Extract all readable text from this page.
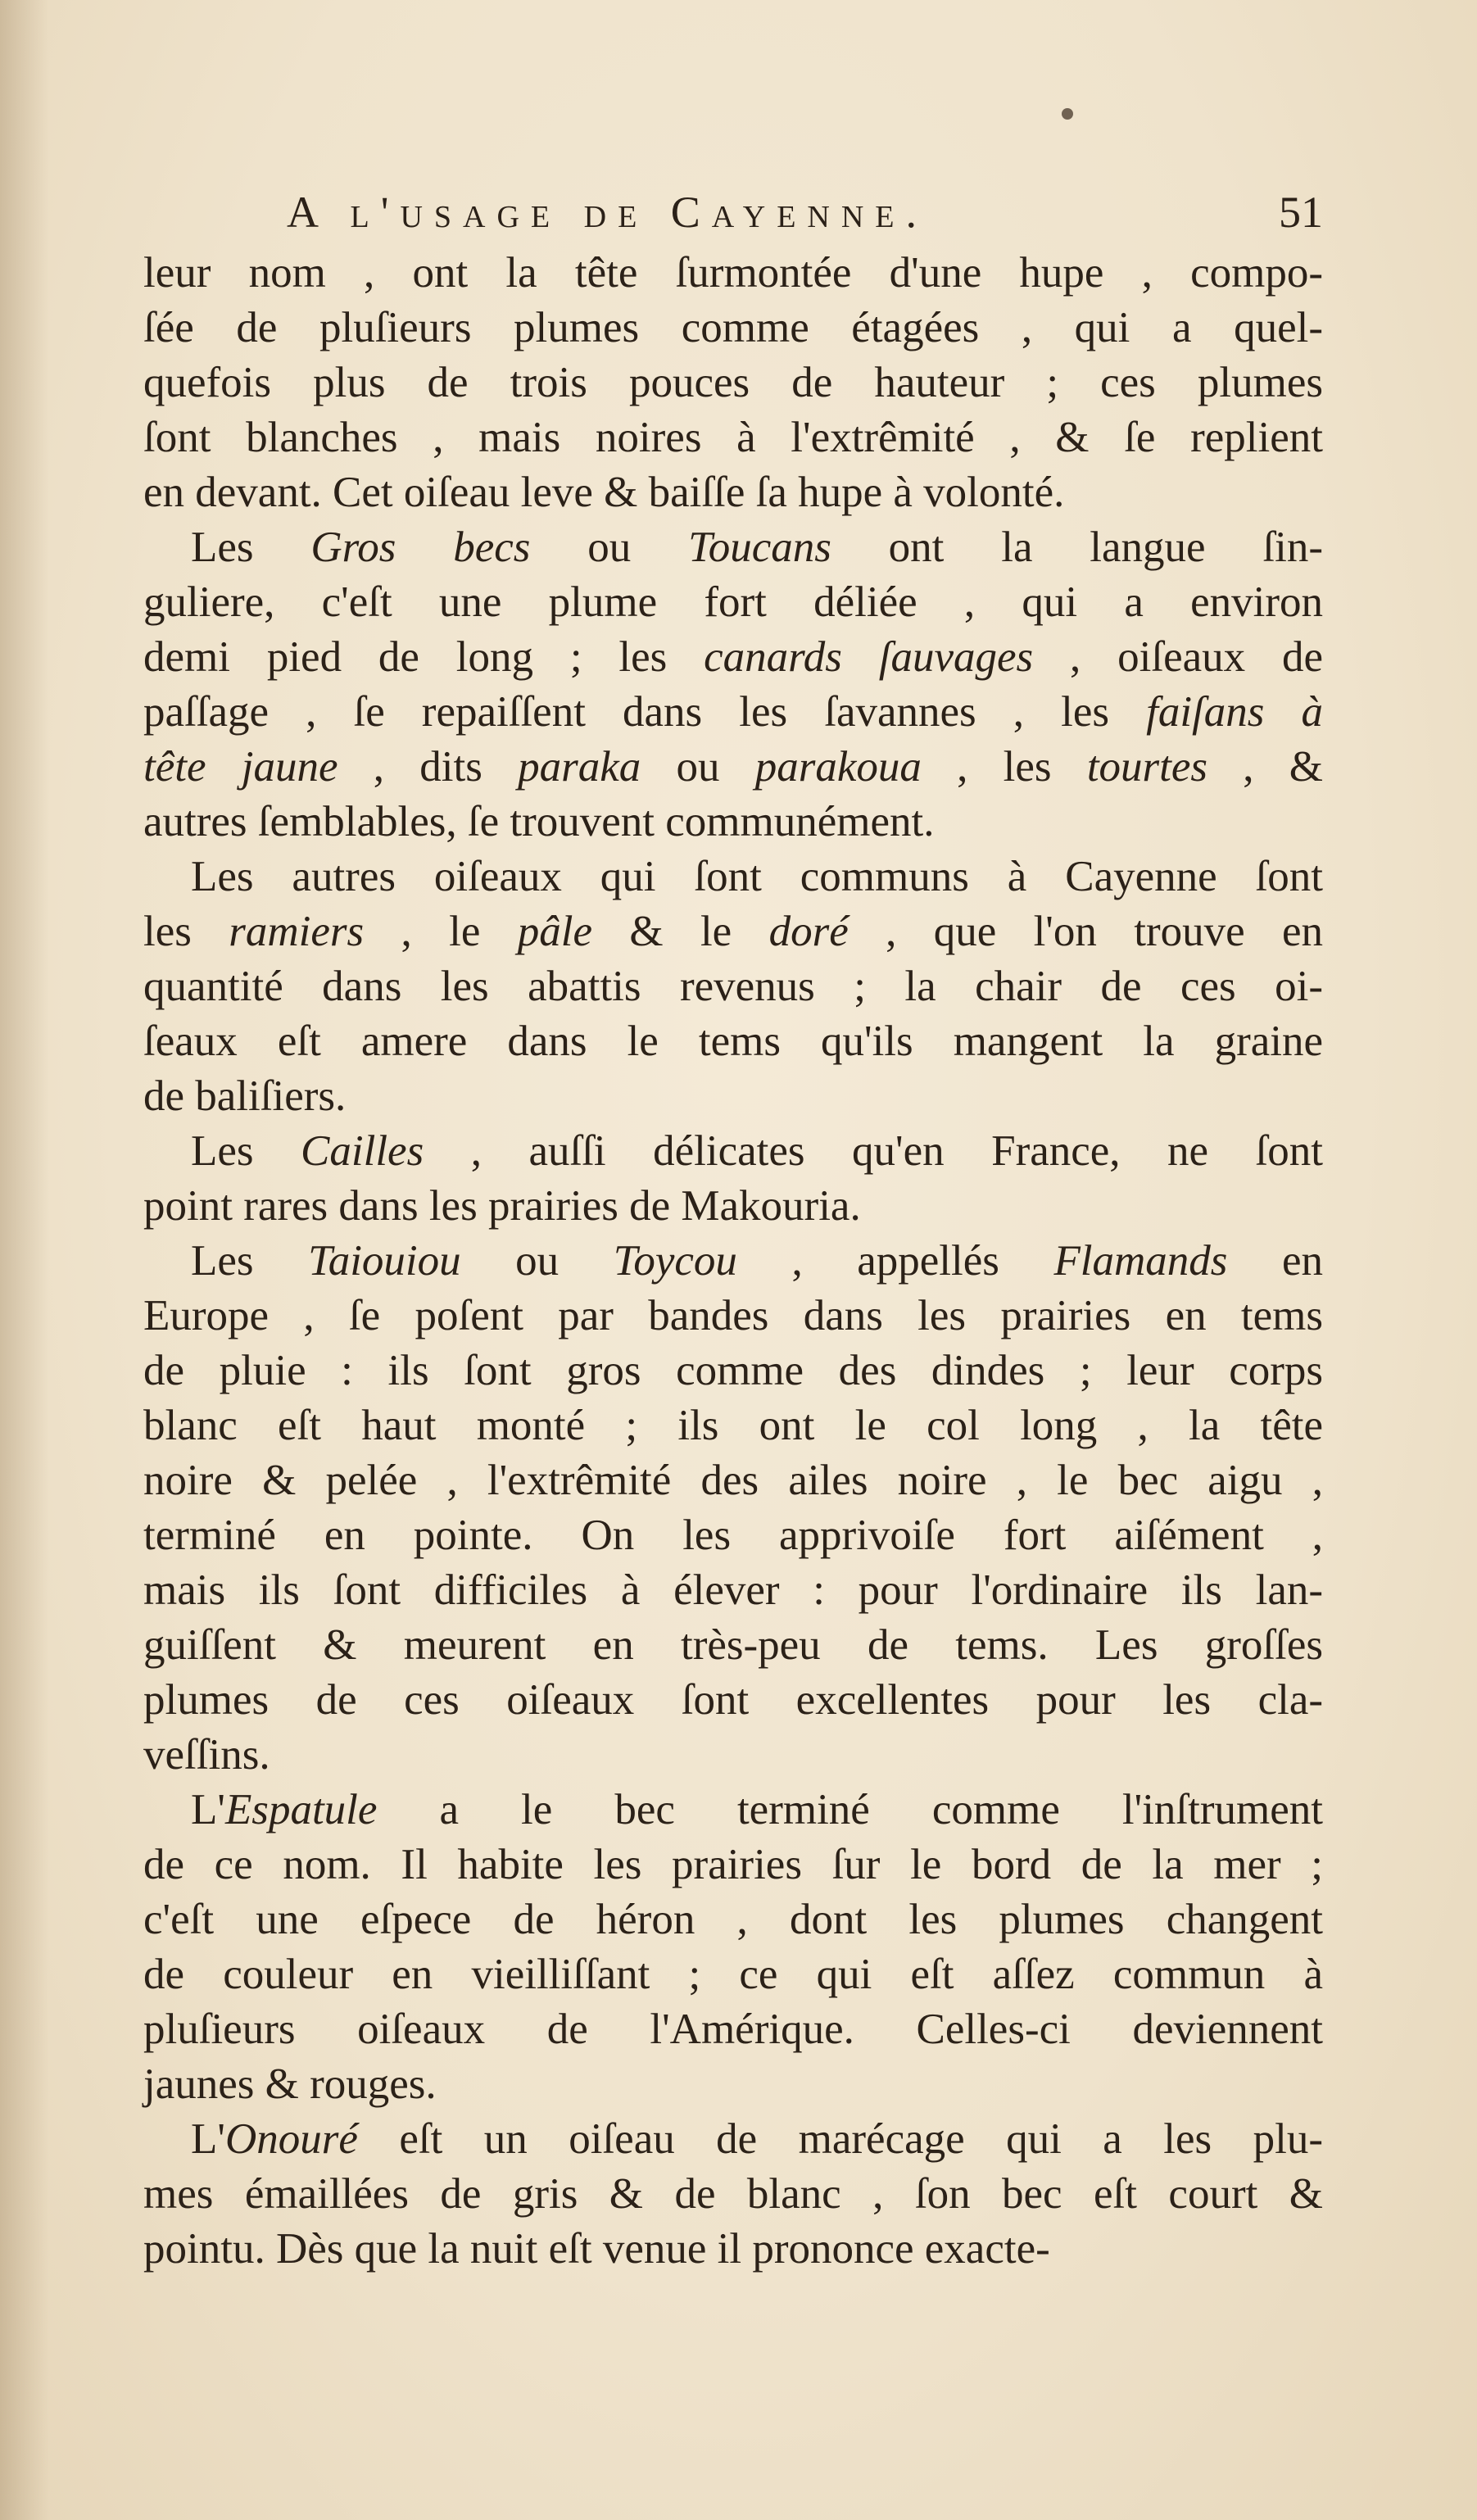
A l'usage de Cayenne.	51
leur nom , ont la tête ſurmontée d'une hupe , compo-
ſée de pluſieurs plumes comme étagées , qui a quel-
quefois plus de trois pouces de hauteur ; ces plumes
ſont blanches , mais noires à l'extrêmité , & ſe replient
en devant. Cet oiſeau leve & baiſſe ſa hupe à volonté.
Les Gros becs ou Toucans ont la langue ſin-
guliere, c'eſt une plume fort déliée , qui a environ
demi pied de long ; les canards ſauvages , oiſeaux de
paſſage , ſe repaiſſent dans les ſavannes , les faiſans à
tête jaune , dits paraka ou parakoua , les tourtes , &
autres ſemblables, ſe trouvent communément.
Les autres oiſeaux qui ſont communs à Cayenne ſont
les ramiers , le pâle & le doré , que l'on trouve en
quantité dans les abattis revenus ; la chair de ces oi-
ſeaux eſt amere dans le tems qu'ils mangent la graine
de baliſiers.
Les Cailles , auſſi délicates qu'en France, ne ſont
point rares dans les prairies de Makouria.
Les Taiouiou ou Toycou , appellés Flamands en
Europe , ſe poſent par bandes dans les prairies en tems
de pluie : ils ſont gros comme des dindes ; leur corps
blanc eſt haut monté ; ils ont le col long , la tête
noire & pelée , l'extrêmité des ailes noire , le bec aigu ,
terminé en pointe. On les apprivoiſe fort aiſément ,
mais ils ſont difficiles à élever : pour l'ordinaire ils lan-
guiſſent & meurent en très-peu de tems. Les groſſes
plumes de ces oiſeaux ſont excellentes pour les cla-
veſſins.
L'Espatule a le bec terminé comme l'inſtrument
de ce nom. Il habite les prairies ſur le bord de la mer ;
c'eſt une eſpece de héron , dont les plumes changent
de couleur en vieilliſſant ; ce qui eſt aſſez commun à
pluſieurs oiſeaux de l'Amérique. Celles-ci deviennent
jaunes & rouges.
L'Onouré eſt un oiſeau de marécage qui a les plu-
mes émaillées de gris & de blanc , ſon bec eſt court &
pointu. Dès que la nuit eſt venue il prononce exacte-
